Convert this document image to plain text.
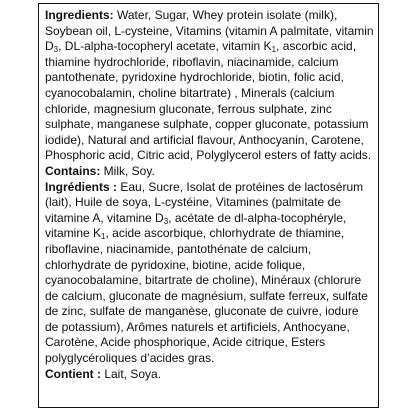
Ingredients: Water, Sugar, Whey protein isolate (milk), Soybean oil, L-cysteine, Vitamins (vitamin A palmitate, vitamin $D_3$, DL-alpha-tocopheryl acetate, vitamin $K_1$, ascorbic acid, thiamine hydrochloride, riboflavin, niacinamide, calcium pantothenate, pyridoxine hydrochloride, biotin, folic acid, cyanocobalamin, choline bitartrate) , Minerals (calcium chloride, magnesium gluconate, ferrous sulphate, zinc sulphate, manganese sulphate, copper gluconate, potassium iodide), Natural and artificial flavour, Anthocyanin, Carotene, Phosphoric acid, Citric acid, Polyglycerol esters of fatty acids.

Contains: Milk, Soy.

Ingrédients : Eau, Sucre, Isolat de protéines de lactosérum (lait), Huile de soya, L-cystéine, Vitamines (palmitate de vitamine A, vitamine $D_3$, acétate de dl-alpha-tocophéryle, vitamine $K_1$, acide ascorbique, chlorhydrate de thiamine, riboflavine, niacinamide, pantothénate de calcium, chlorhydrate de pyridoxine, biotine, acide folique, cyanocobalamine, bitartrate de choline), Minéraux (chlorure de calcium, gluconate de magnésium, sulfate ferreux, sulfate de zinc, sulfate de manganèse, gluconate de cuivre, iodure de potassium), Arômes naturels et artificiels, Anthocyane, Carotène, Acide phosphorique, Acide citrique, Esters polyglycéroliques d’acides gras.

Contient : Lait, Soya.
